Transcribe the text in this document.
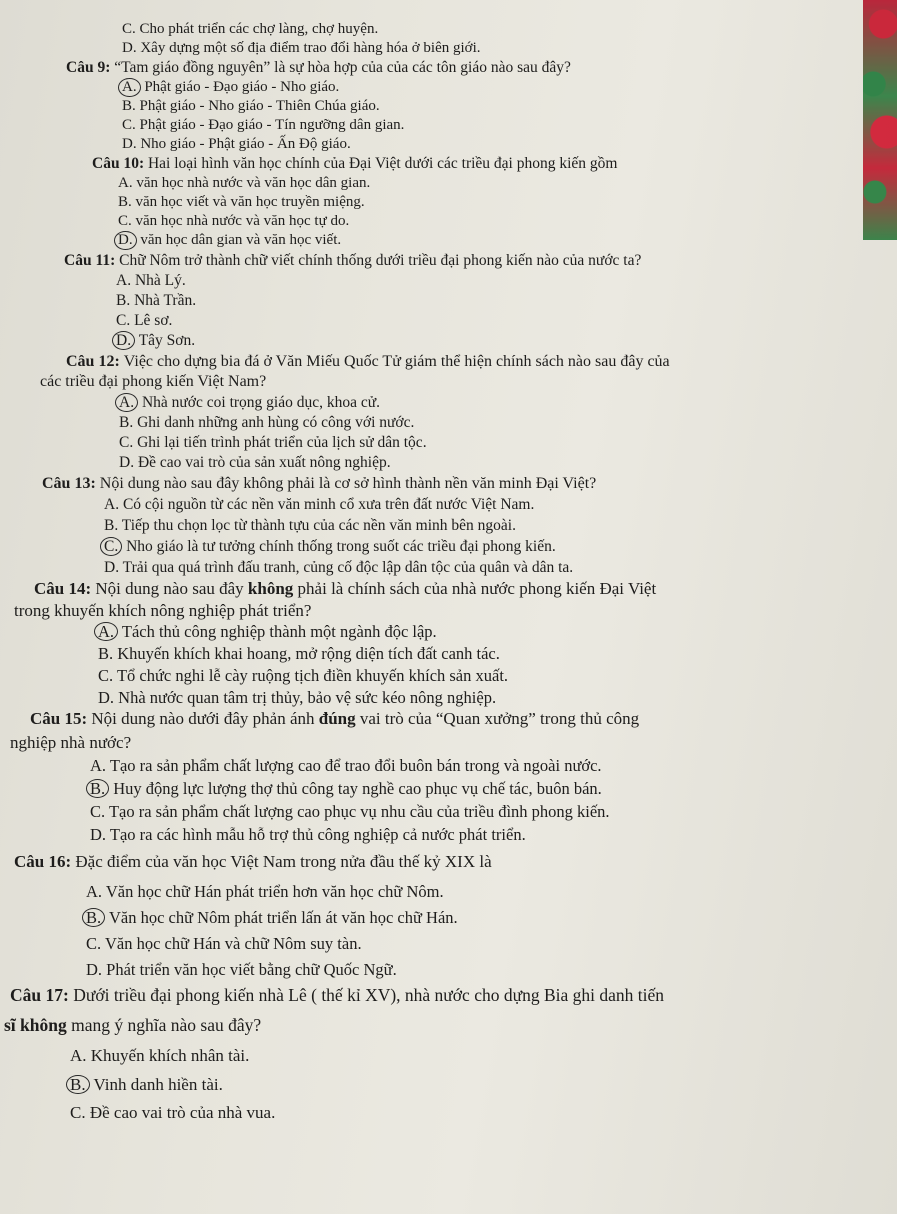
C. Cho phát triển các chợ làng, chợ huyện.

D. Xây dựng một số địa điểm trao đổi hàng hóa ở biên giới.

Câu 9: “Tam giáo đồng nguyên” là sự hòa hợp của của các tôn giáo nào sau đây?

A. Phật giáo - Đạo giáo - Nho giáo.

B. Phật giáo - Nho giáo - Thiên Chúa giáo.

C. Phật giáo - Đạo giáo - Tín ngưỡng dân gian.

D. Nho giáo - Phật giáo - Ấn Độ giáo.

Câu 10: Hai loại hình văn học chính của Đại Việt dưới các triều đại phong kiến gồm

A. văn học nhà nước và văn học dân gian.

B. văn học viết và văn học truyền miệng.

C. văn học nhà nước và văn học tự do.

D. văn học dân gian và văn học viết.

Câu 11: Chữ Nôm trở thành chữ viết chính thống dưới triều đại phong kiến nào của nước ta?

A. Nhà Lý.

B. Nhà Trần.

C. Lê sơ.

D. Tây Sơn.

Câu 12: Việc cho dựng bia đá ở Văn Miếu Quốc Tử giám thể hiện chính sách nào sau đây của

các triều đại phong kiến Việt Nam?

A. Nhà nước coi trọng giáo dục, khoa cử.

B. Ghi danh những anh hùng có công với nước.

C. Ghi lại tiến trình phát triển của lịch sử dân tộc.

D. Đề cao vai trò của sản xuất nông nghiệp.

Câu 13: Nội dung nào sau đây không phải là cơ sở hình thành nền văn minh Đại Việt?

A. Có cội nguồn từ các nền văn minh cổ xưa trên đất nước Việt Nam.

B. Tiếp thu chọn lọc từ thành tựu của các nền văn minh bên ngoài.

C. Nho giáo là tư tưởng chính thống trong suốt các triều đại phong kiến.

D. Trải qua quá trình đấu tranh, củng cố độc lập dân tộc của quân và dân ta.

Câu 14: Nội dung nào sau đây không phải là chính sách của nhà nước phong kiến Đại Việt

trong khuyến khích nông nghiệp phát triển?

A. Tách thủ công nghiệp thành một ngành độc lập.

B. Khuyến khích khai hoang, mở rộng diện tích đất canh tác.

C. Tổ chức nghi lễ cày ruộng tịch điền khuyến khích sản xuất.

D. Nhà nước quan tâm trị thủy, bảo vệ sức kéo nông nghiệp.

Câu 15: Nội dung nào dưới đây phản ánh đúng vai trò của “Quan xưởng” trong thủ công

nghiệp nhà nước?

A. Tạo ra sản phẩm chất lượng cao để trao đổi buôn bán trong và ngoài nước.

B. Huy động lực lượng thợ thủ công tay nghề cao phục vụ chế tác, buôn bán.

C. Tạo ra sản phẩm chất lượng cao phục vụ nhu cầu của triều đình phong kiến.

D. Tạo ra các hình mẫu hỗ trợ thủ công nghiệp cả nước phát triển.

Câu 16: Đặc điểm của văn học Việt Nam trong nửa đầu thế kỷ XIX là

A. Văn học chữ Hán phát triển hơn văn học chữ Nôm.

B. Văn học chữ Nôm phát triển lấn át văn học chữ Hán.

C. Văn học chữ Hán và chữ Nôm suy tàn.

D. Phát triển văn học viết bằng chữ Quốc Ngữ.

Câu 17: Dưới triều đại phong kiến nhà Lê ( thế kỉ XV), nhà nước cho dựng Bia ghi danh tiến

sĩ không mang ý nghĩa nào sau đây?

A. Khuyến khích nhân tài.

B. Vinh danh hiền tài.

C. Đề cao vai trò của nhà vua.
